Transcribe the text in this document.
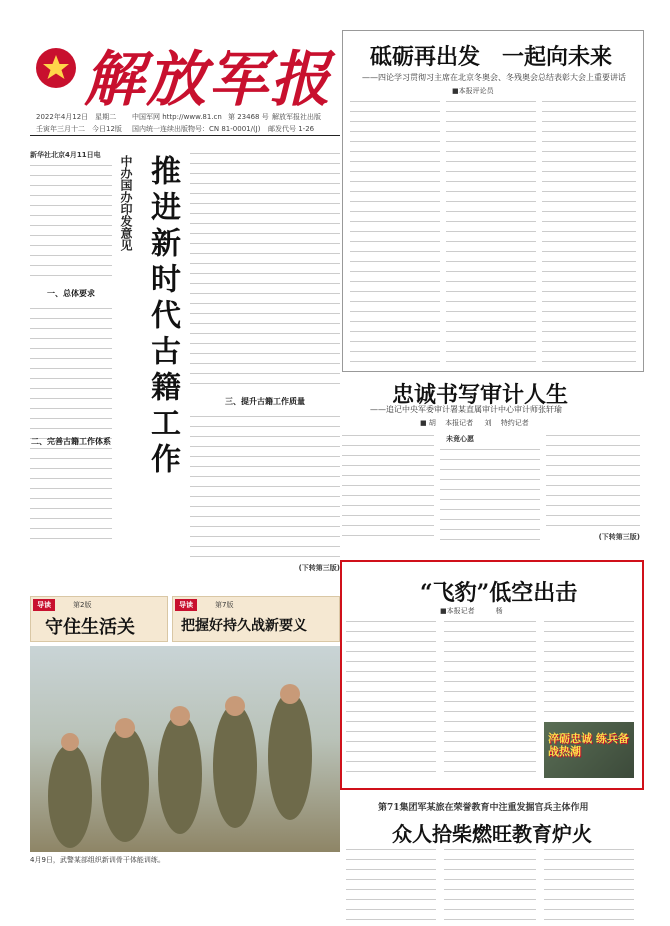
解放军报
2022年4月12日　星期二
壬寅年三月十二　今日12版
中国军网 http://www.81.cn
国内统一连续出版物号：CN 81-0001/(J)
第 23468 号 解放军报社出版
邮发代号 1-26
砥砺再出发　一起向未来
——四论学习贯彻习主席在北京冬奥会、冬残奥会总结表彰大会上重要讲话
■本报评论员
新华社北京4月11日电
一、总体要求
中办国办印发意见 推进新时代古籍工作	三、提升古籍工作质量
(下转第三版)
二、完善古籍工作体系
导读	第2版
守住生活关
导读	第7版
把握好持久战新要义
4月9日，武警某部组织新训骨干体能训练。
忠诚书写审计人生
——追记中央军委审计署某直属审计中心审计师张轩瑜
■ 胡 　本报记者 　 刘 　特约记者
未竟心愿
(下转第三版)
“飞豹”低空出击
■本报记者　　　杨
淬砺忠诚 练兵备战热潮
第71集团军某旅在荣誉教育中注重发掘官兵主体作用
众人拾柴燃旺教育炉火
